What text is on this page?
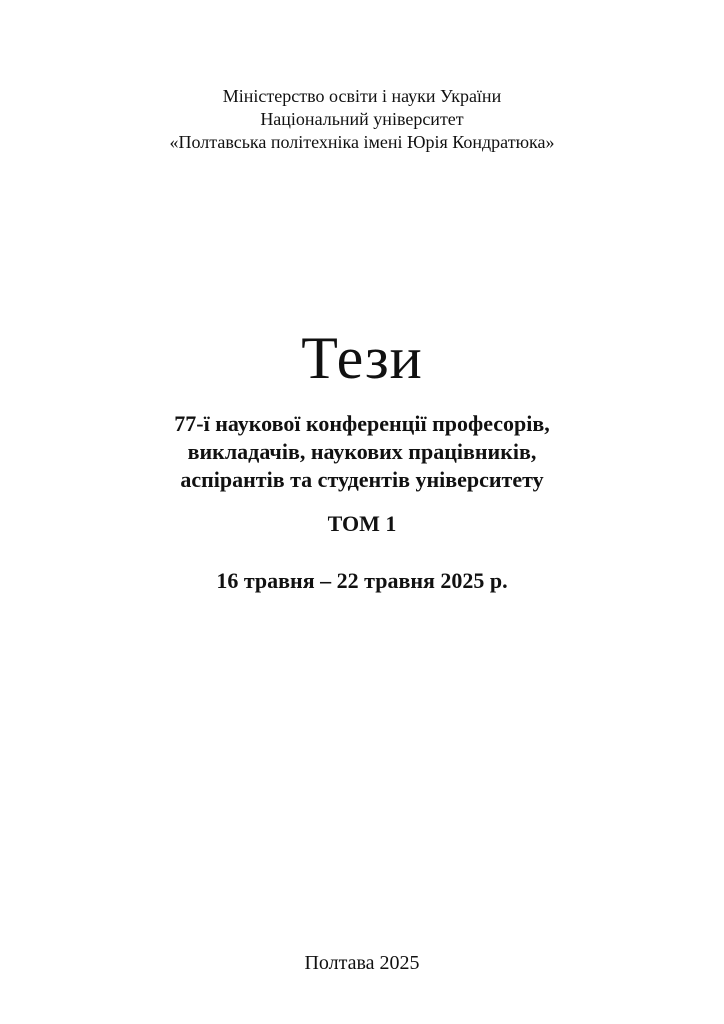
Міністерство освіти і науки України
Національний університет
«Полтавська політехніка імені Юрія Кондратюка»
Тези
77-ї наукової конференції професорів,
викладачів, наукових працівників,
аспірантів та студентів університету
ТОМ 1
16 травня – 22 травня 2025 р.
Полтава 2025
